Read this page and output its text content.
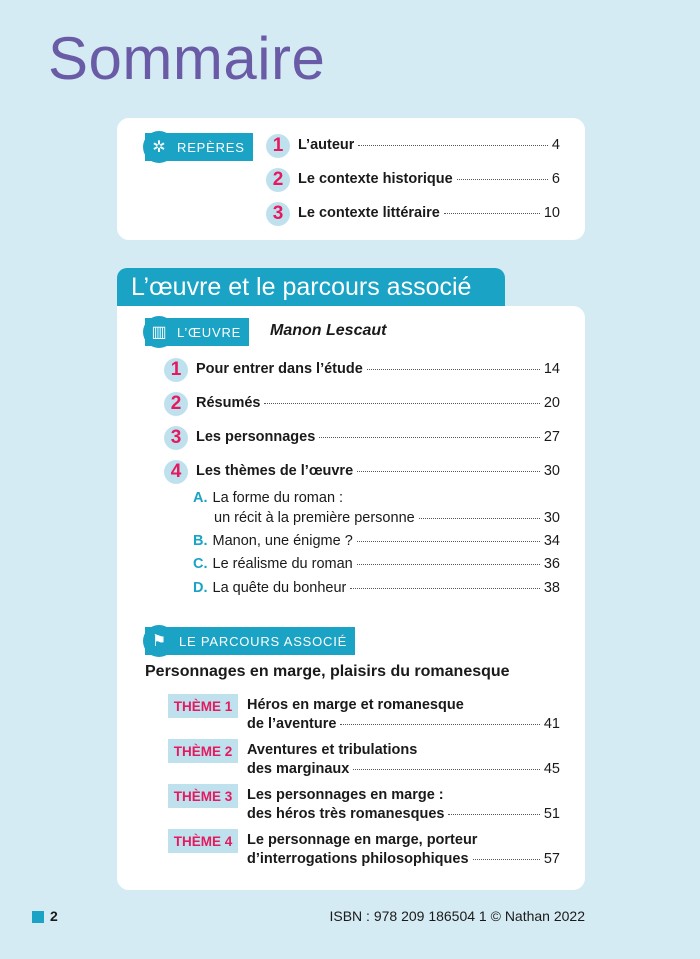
Sommaire
✲ REPÈRES	1	L’auteur	4
2	Le contexte historique	6
3	Le contexte littéraire	10
L’œuvre et le parcours associé
▥ L’ŒUVRE Manon Lescaut
1	Pour entrer dans l’étude	14
2	Résumés	20
3	Les personnages	27
4	Les thèmes de l’œuvre	30
A. La forme du roman :
un récit à la première personne	30
B. Manon, une énigme ?	34
C. Le réalisme du roman	36
D. La quête du bonheur	38
⚑ LE PARCOURS ASSOCIÉ
Personnages en marge, plaisirs du romanesque
THÈME 1	Héros en marge et romanesque
de l’aventure	41
THÈME 2	Aventures et tribulations
des marginaux	45
THÈME 3	Les personnages en marge :
des héros très romanesques	51
THÈME 4	Le personnage en marge, porteur
d’interrogations philosophiques	57
2	ISBN : 978 209 186504 1 © Nathan 2022
